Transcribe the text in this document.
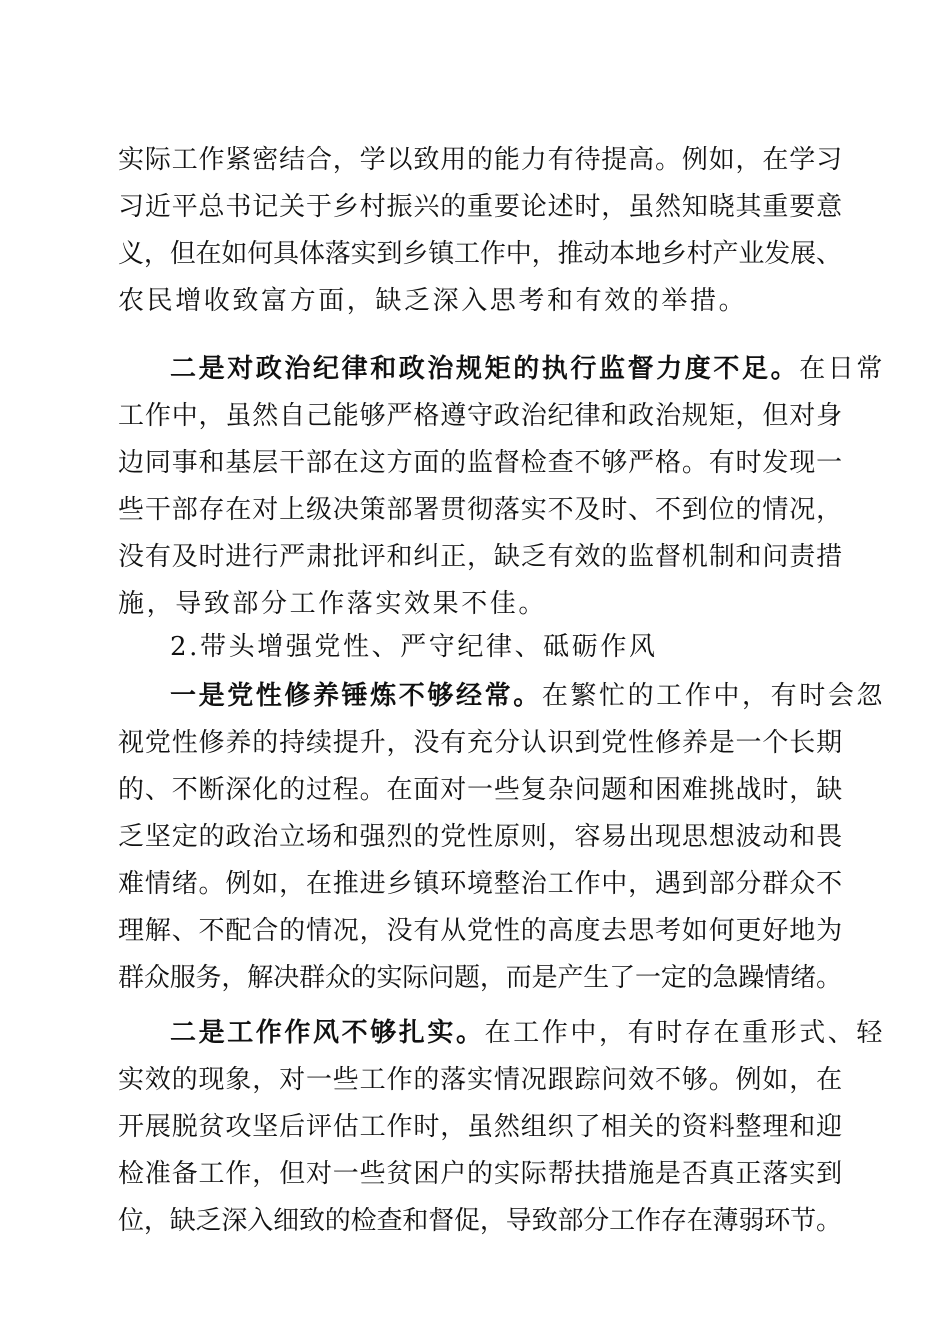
实际工作紧密结合，学以致用的能力有待提高。例如，在学习

习近平总书记关于乡村振兴的重要论述时，虽然知晓其重要意

义，但在如何具体落实到乡镇工作中，推动本地乡村产业发展、

农民增收致富方面，缺乏深入思考和有效的举措。

二是对政治纪律和政治规矩的执行监督力度不足。在日常

工作中，虽然自己能够严格遵守政治纪律和政治规矩，但对身

边同事和基层干部在这方面的监督检查不够严格。有时发现一

些干部存在对上级决策部署贯彻落实不及时、不到位的情况，

没有及时进行严肃批评和纠正，缺乏有效的监督机制和问责措

施，导致部分工作落实效果不佳。

2.带头增强党性、严守纪律、砥砺作风

一是党性修养锤炼不够经常。在繁忙的工作中，有时会忽

视党性修养的持续提升，没有充分认识到党性修养是一个长期

的、不断深化的过程。在面对一些复杂问题和困难挑战时，缺

乏坚定的政治立场和强烈的党性原则，容易出现思想波动和畏

难情绪。例如，在推进乡镇环境整治工作中，遇到部分群众不

理解、不配合的情况，没有从党性的高度去思考如何更好地为

群众服务，解决群众的实际问题，而是产生了一定的急躁情绪。

二是工作作风不够扎实。在工作中，有时存在重形式、轻

实效的现象，对一些工作的落实情况跟踪问效不够。例如，在

开展脱贫攻坚后评估工作时，虽然组织了相关的资料整理和迎

检准备工作，但对一些贫困户的实际帮扶措施是否真正落实到

位，缺乏深入细致的检查和督促，导致部分工作存在薄弱环节。
